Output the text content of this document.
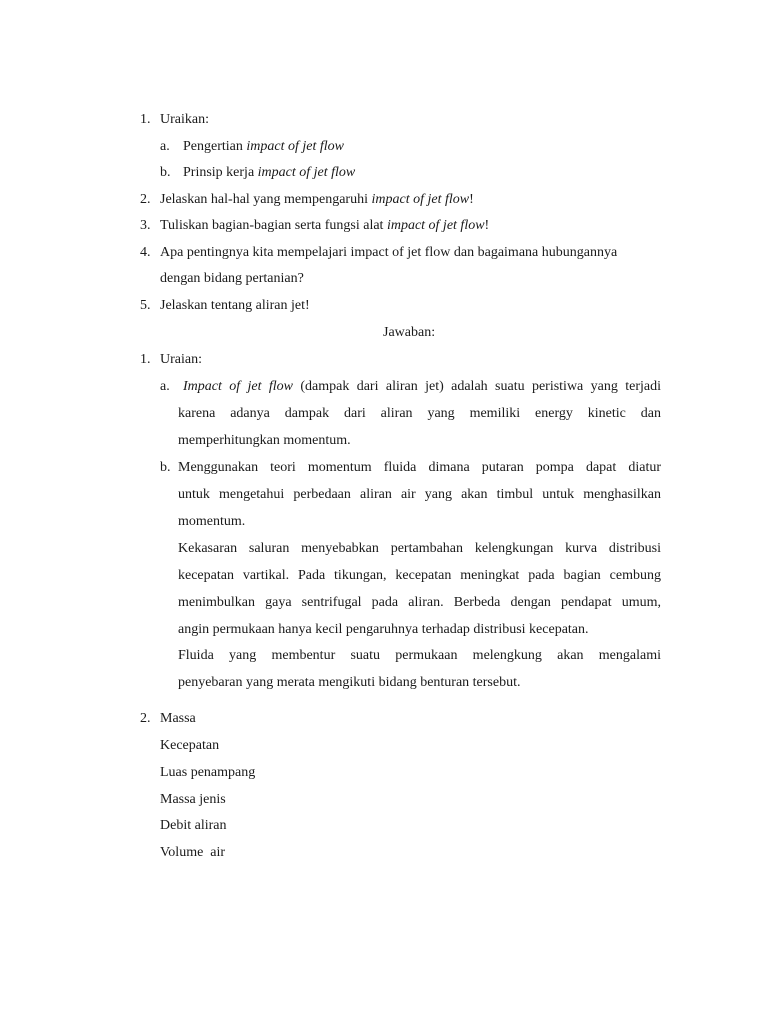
1. Uraikan:
a. Pengertian impact of jet flow
b. Prinsip kerja impact of jet flow
2. Jelaskan hal-hal yang mempengaruhi impact of jet flow!
3. Tuliskan bagian-bagian serta fungsi alat impact of jet flow!
4. Apa pentingnya kita mempelajari impact of jet flow dan bagaimana hubungannya
dengan bidang pertanian?
5. Jelaskan tentang aliran jet!
Jawaban:
1. Uraian:
a. Impact of jet flow (dampak dari aliran jet) adalah suatu peristiwa yang terjadi
karena adanya dampak dari aliran yang memiliki energy kinetic dan
memperhitungkan momentum.
b. Menggunakan teori momentum fluida dimana putaran pompa dapat diatur
untuk mengetahui perbedaan aliran air yang akan timbul untuk menghasilkan
momentum.
Kekasaran saluran menyebabkan pertambahan kelengkungan kurva distribusi
kecepatan vartikal. Pada tikungan, kecepatan meningkat pada bagian cembung
menimbulkan gaya sentrifugal pada aliran. Berbeda dengan pendapat umum,
angin permukaan hanya kecil pengaruhnya terhadap distribusi kecepatan.
Fluida yang membentur suatu permukaan melengkung akan mengalami
penyebaran yang merata mengikuti bidang benturan tersebut.
2. Massa
Kecepatan
Luas penampang
Massa jenis
Debit aliran
Volume  air
